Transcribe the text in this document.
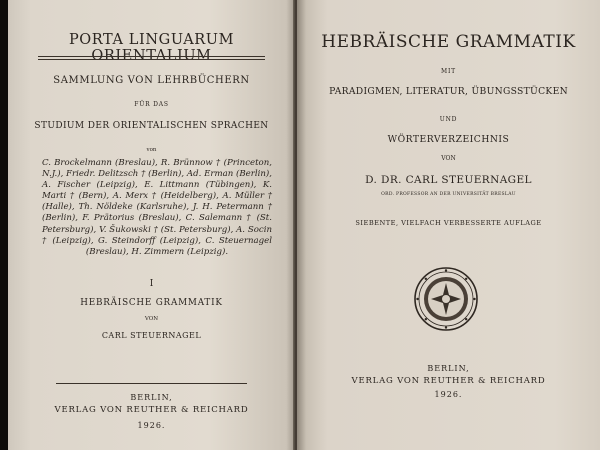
PORTA LINGUARUM ORIENTALIUM
SAMMLUNG VON LEHRBÜCHERN
FÜR DAS
STUDIUM DER ORIENTALISCHEN SPRACHEN
von
C. Brockelmann (Breslau), R. Brünnow † (Princeton, N.J.), Friedr. Delitzsch † (Berlin), Ad. Erman (Berlin), A. Fischer (Leipzig), E. Littmann (Tübingen), K. Marti † (Bern), A. Merx † (Heidelberg), A. Müller † (Halle), Th. Nöldeke (Karlsruhe), J. H. Petermann † (Berlin), F. Prätorius (Breslau), C. Salemann † (St. Petersburg), V. Šukowski † (St. Petersburg), A. Socin † (Leipzig), G. Steindorff (Leipzig), C. Steuernagel (Breslau), H. Zimmern (Leipzig).
I
HEBRÄISCHE GRAMMATIK
VON
CARL STEUERNAGEL
BERLIN,
VERLAG VON REUTHER & REICHARD
1926.
HEBRÄISCHE GRAMMATIK
MIT
PARADIGMEN, LITERATUR, ÜBUNGSSTÜCKEN
UND
WÖRTERVERZEICHNIS
VON
D. DR. CARL STEUERNAGEL
ORD. PROFESSOR AN DER UNIVERSITÄT BRESLAU
SIEBENTE, VIELFACH VERBESSERTE AUFLAGE
BERLIN,
VERLAG VON REUTHER & REICHARD
1926.
